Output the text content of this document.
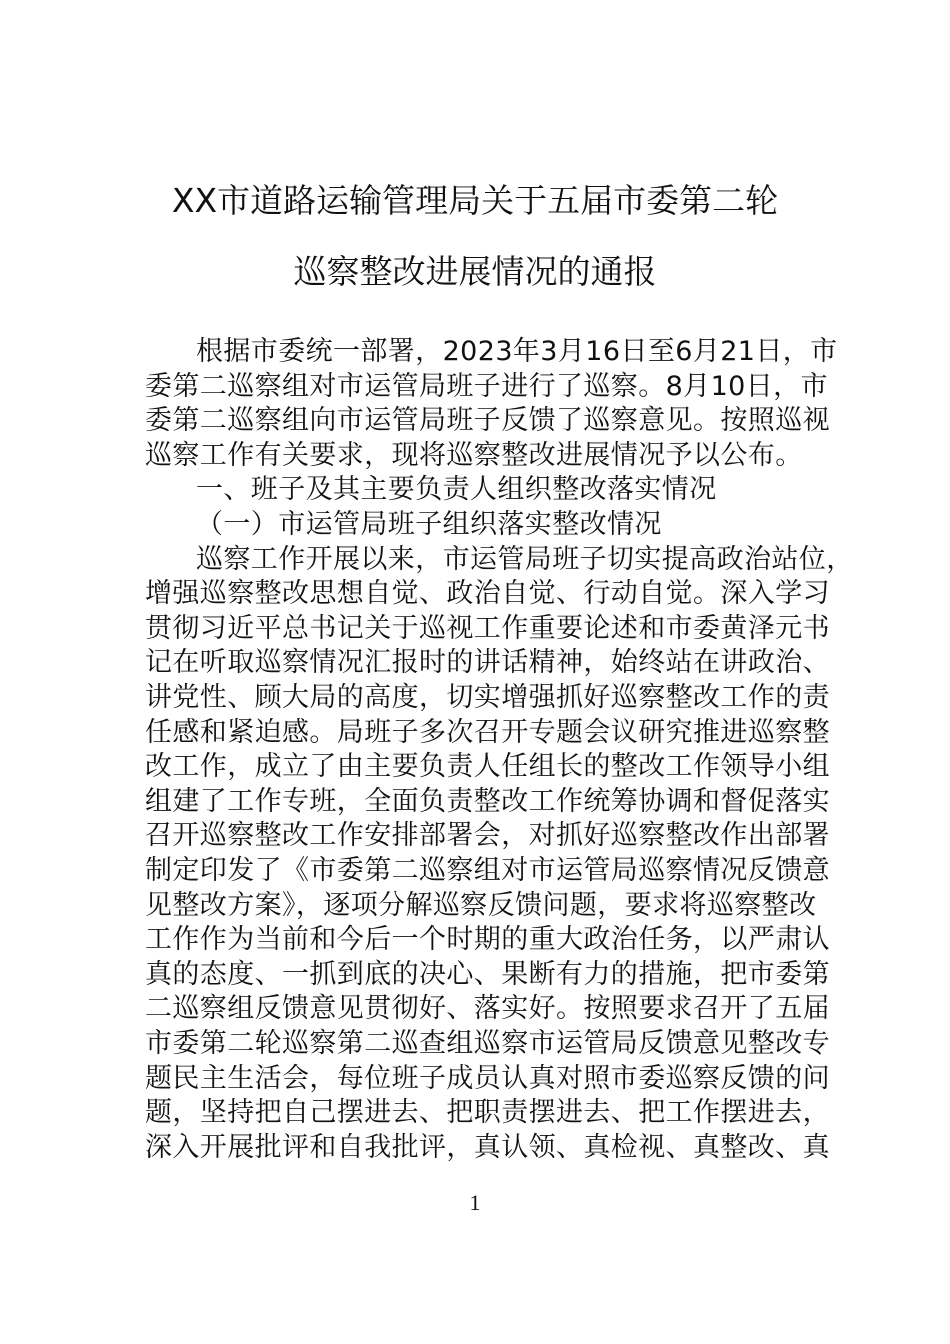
XX市道路运输管理局关于五届市委第二轮
巡察整改进展情况的通报
根据市委统一部署，2023年3月16日至6月21日，市
委第二巡察组对市运管局班子进行了巡察。8月10日，市
委第二巡察组向市运管局班子反馈了巡察意见。按照巡视
巡察工作有关要求，现将巡察整改进展情况予以公布。
一、班子及其主要负责人组织整改落实情况
（一）市运管局班子组织落实整改情况
巡察工作开展以来，市运管局班子切实提高政治站位，
增强巡察整改思想自觉、政治自觉、行动自觉。深入学习
贯彻习近平总书记关于巡视工作重要论述和市委黄泽元书
记在听取巡察情况汇报时的讲话精神，始终站在讲政治、
讲党性、顾大局的高度，切实增强抓好巡察整改工作的责
任感和紧迫感。局班子多次召开专题会议研究推进巡察整
改工作，成立了由主要负责人任组长的整改工作领导小组
组建了工作专班，全面负责整改工作统筹协调和督促落实
召开巡察整改工作安排部署会，对抓好巡察整改作出部署
制定印发了《市委第二巡察组对市运管局巡察情况反馈意
见整改方案》，逐项分解巡察反馈问题，要求将巡察整改
工作作为当前和今后一个时期的重大政治任务，以严肃认
真的态度、一抓到底的决心、果断有力的措施，把市委第
二巡察组反馈意见贯彻好、落实好。按照要求召开了五届
市委第二轮巡察第二巡查组巡察市运管局反馈意见整改专
题民主生活会，每位班子成员认真对照市委巡察反馈的问
题，坚持把自己摆进去、把职责摆进去、把工作摆进去，
深入开展批评和自我批评，真认领、真检视、真整改、真
1
